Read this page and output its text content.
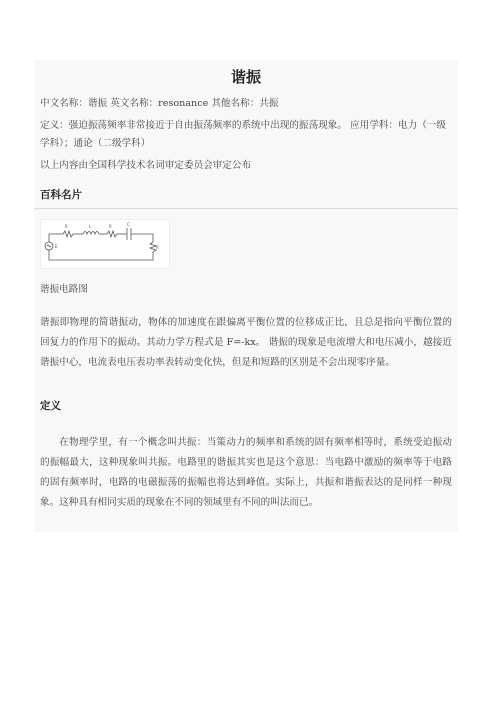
谐振

中文名称：谐振 英文名称：resonance 其他名称：共振

定义：强迫振荡频率非常接近于自由振荡频率的系统中出现的振荡现象。 应用学科：电力（一级学科）；通论（二级学科）

以上内容由全国科学技术名词审定委员会审定公布

百科名片
R	L	R	C
R
E
谐振电路图

谐振即物理的简谐振动，物体的加速度在跟偏离平衡位置的位移成正比，且总是指向平衡位置的回复力的作用下的振动。其动力学方程式是 F=-kx。 谐振的现象是电流增大和电压减小，越接近谐振中心，电流表电压表功率表转动变化快，但是和短路的区别是不会出现零序量。

定义

在物理学里，有一个概念叫共振：当策动力的频率和系统的固有频率相等时，系统受迫振动的振幅最大，这种现象叫共振。电路里的谐振其实也是这个意思：当电路中激励的频率等于电路的固有频率时，电路的电磁振荡的振幅也将达到峰值。实际上，共振和谐振表达的是同样一种现象。这种具有相同实质的现象在不同的领域里有不同的叫法而已。
